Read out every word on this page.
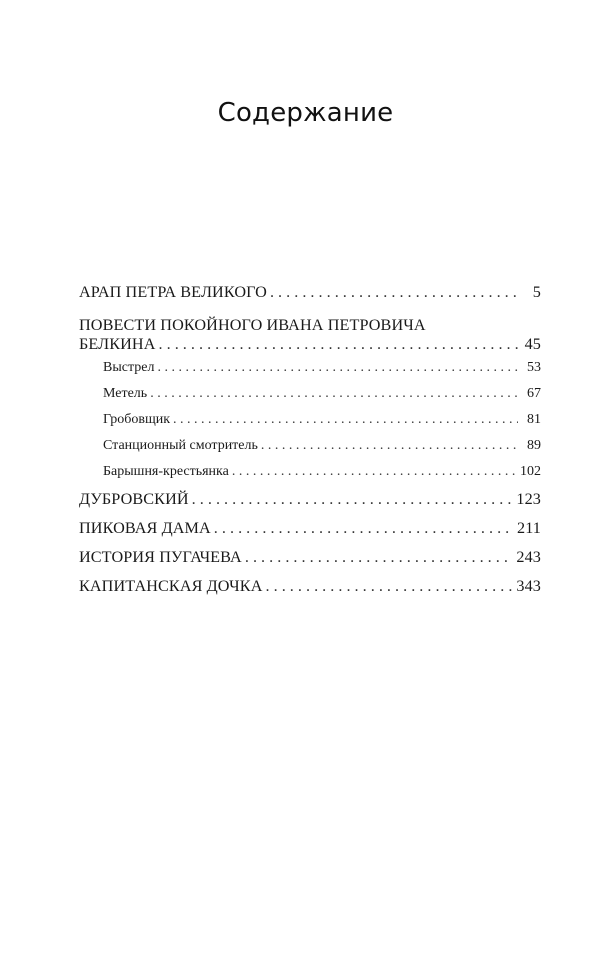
Содержание
АРАП ПЕТРА ВЕЛИКОГО . . .	5
ПОВЕСТИ ПОКОЙНОГО ИВАНА ПЕТРОВИЧА
БЕЛКИНА . . .	45
Выстрел . . .	53
Метель . . .	67
Гробовщик . . .	81
Станционный смотритель . . .	89
Барышня-крестьянка . . .	102
ДУБРОВСКИЙ . . .	123
ПИКОВАЯ ДАМА . . .	211
ИСТОРИЯ ПУГАЧЕВА . . .	243
КАПИТАНСКАЯ ДОЧКА . . .	343
